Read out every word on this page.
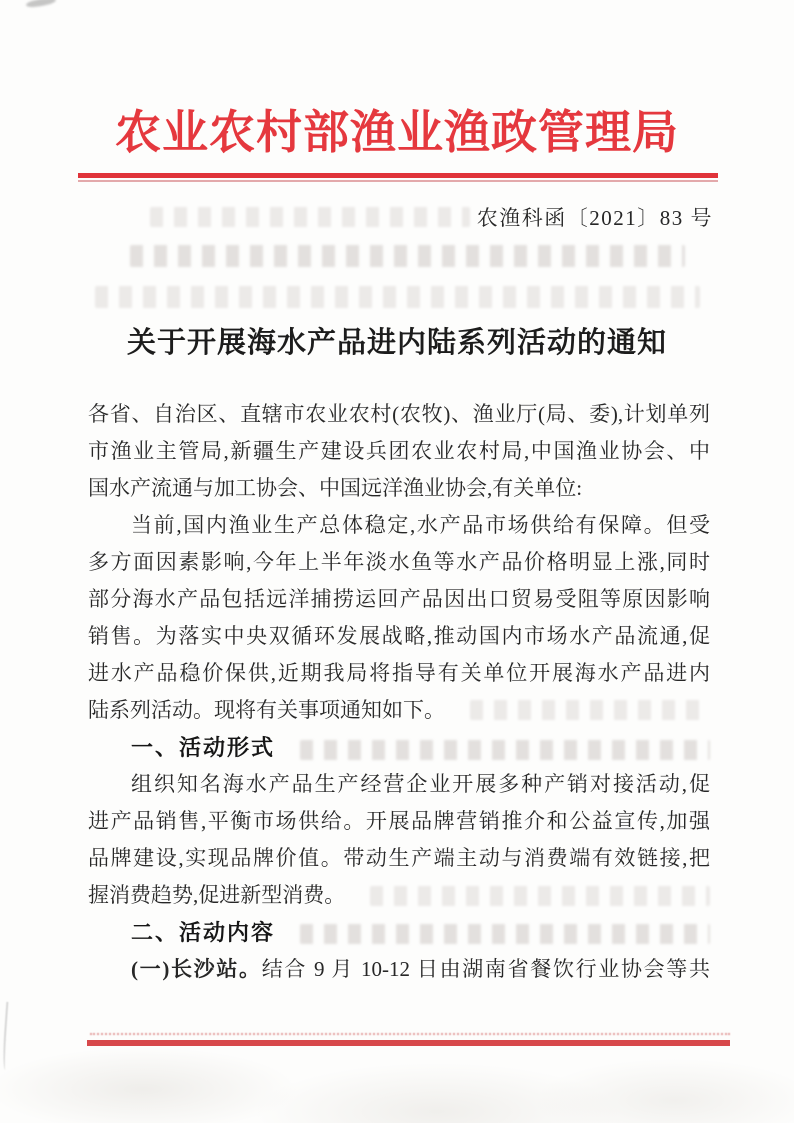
农业农村部渔业渔政管理局
农渔科函〔2021〕83 号
关于开展海水产品进内陆系列活动的通知
各省、自治区、直辖市农业农村(农牧)、渔业厅(局、委),计划单列
市渔业主管局,新疆生产建设兵团农业农村局,中国渔业协会、中
国水产流通与加工协会、中国远洋渔业协会,有关单位:
当前,国内渔业生产总体稳定,水产品市场供给有保障。但受
多方面因素影响,今年上半年淡水鱼等水产品价格明显上涨,同时
部分海水产品包括远洋捕捞运回产品因出口贸易受阻等原因影响
销售。为落实中央双循环发展战略,推动国内市场水产品流通,促
进水产品稳价保供,近期我局将指导有关单位开展海水产品进内
陆系列活动。现将有关事项通知如下。
一、活动形式
组织知名海水产品生产经营企业开展多种产销对接活动,促
进产品销售,平衡市场供给。开展品牌营销推介和公益宣传,加强
品牌建设,实现品牌价值。带动生产端主动与消费端有效链接,把
握消费趋势,促进新型消费。
二、活动内容
(一)长沙站。结合 9 月 10-12 日由湖南省餐饮行业协会等共
